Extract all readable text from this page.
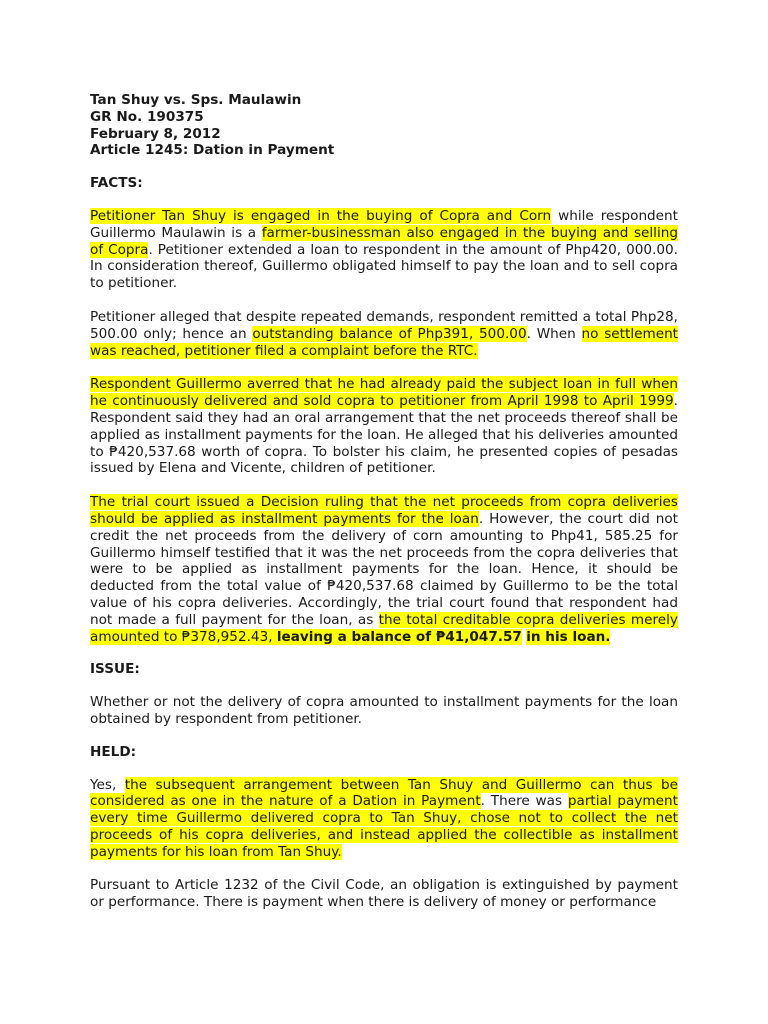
Tan Shuy vs. Sps. Maulawin
GR No. 190375
February 8, 2012
Article 1245: Dation in Payment
FACTS:

Petitioner Tan Shuy is engaged in the buying of Copra and Corn while respondent Guillermo Maulawin is a farmer-businessman also engaged in the buying and selling of Copra. Petitioner extended a loan to respondent in the amount of Php420, 000.00. In consideration thereof, Guillermo obligated himself to pay the loan and to sell copra to petitioner.

Petitioner alleged that despite repeated demands, respondent remitted a total Php28, 500.00 only; hence an outstanding balance of Php391, 500.00. When no settlement was reached, petitioner filed a complaint before the RTC.

Respondent Guillermo averred that he had already paid the subject loan in full when he continuously delivered and sold copra to petitioner from April 1998 to April 1999. Respondent said they had an oral arrangement that the net proceeds thereof shall be applied as installment payments for the loan. He alleged that his deliveries amounted to ₱420,537.68 worth of copra. To bolster his claim, he presented copies of pesadas issued by Elena and Vicente, children of petitioner.

The trial court issued a Decision ruling that the net proceeds from copra deliveries should be applied as installment payments for the loan. However, the court did not credit the net proceeds from the delivery of corn amounting to Php41, 585.25 for Guillermo himself testified that it was the net proceeds from the copra deliveries that were to be applied as installment payments for the loan. Hence, it should be deducted from the total value of ₱420,537.68 claimed by Guillermo to be the total value of his copra deliveries. Accordingly, the trial court found that respondent had not made a full payment for the loan, as the total creditable copra deliveries merely amounted to ₱378,952.43, leaving a balance of ₱41,047.57 in his loan.

ISSUE:

Whether or not the delivery of copra amounted to installment payments for the loan obtained by respondent from petitioner.

HELD:

Yes, the subsequent arrangement between Tan Shuy and Guillermo can thus be considered as one in the nature of a Dation in Payment. There was partial payment every time Guillermo delivered copra to Tan Shuy, chose not to collect the net proceeds of his copra deliveries, and instead applied the collectible as installment payments for his loan from Tan Shuy.

Pursuant to Article 1232 of the Civil Code, an obligation is extinguished by payment or performance. There is payment when there is delivery of money or performance
